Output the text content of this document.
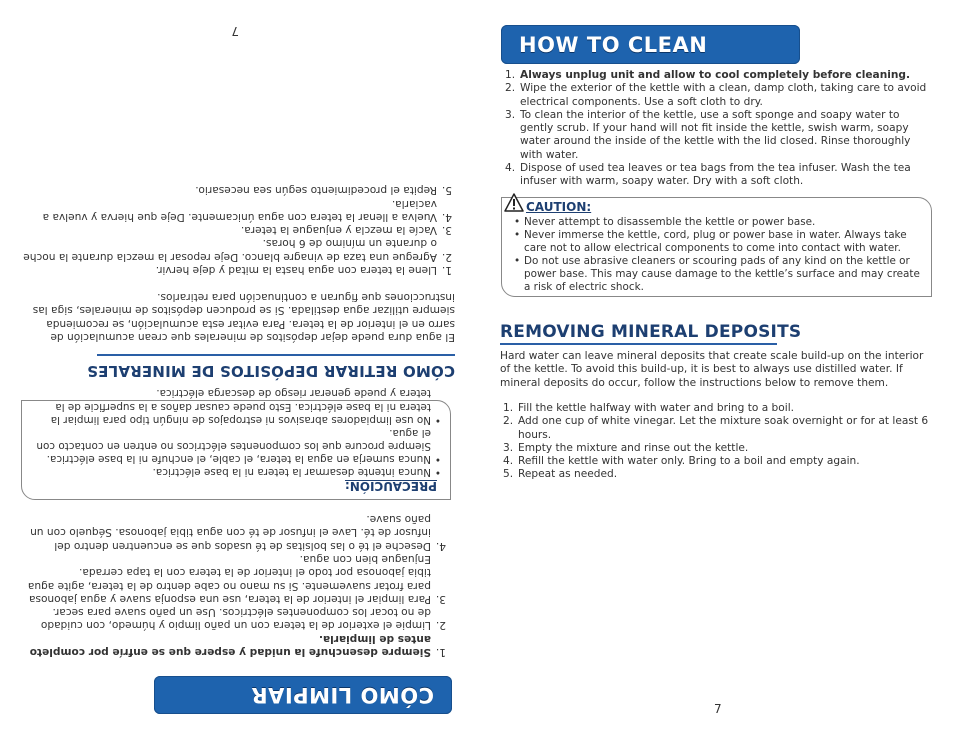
CÓMO LIMPIAR
1.
Siempre desenchufe la unidad y espere que se enfríe por completo antes de limpiarla.
2.
Limpie el exterior de la tetera con un paño limpio y húmedo, con cuidado de no tocar los componentes eléctricos. Use un paño suave para secar.
3.
Para limpiar el interior de la tetera, use una esponja suave y agua jabonosa para frotar suavemente. Si su mano no cabe dentro de la tetera, agite agua tibia jabonosa por todo el interior de la tetera con la tapa cerrada. Enjuague bien con agua.
4.
Deseche el té o las bolsitas de té usados que se encuentren dentro del infusor de té. Lave el infusor de té con agua tibia jabonosa. Séquelo con un paño suave.
PRECAUCIÓN:
• Nunca intente desarmar la tetera ni la base eléctrica.
• Nunca sumerja en agua la tetera, el cable, el enchufe ni la base eléctrica. Siempre procure que los componentes eléctricos no entren en contacto con el agua.
• No use limpiadores abrasivos ni estropajos de ningún tipo para limpiar la tetera ni la base eléctrica. Esto puede causar daños a la superficie de la tetera y puede generar riesgo de descarga eléctrica.
CÓMO RETIRAR DEPÓSITOS DE MINERALES
El agua dura puede dejar depósitos de minerales que crean acumulación de sarro en el interior de la tetera. Para evitar esta acumulación, se recomienda siempre utilizar agua destilada. Si se producen depósitos de minerales, siga las instrucciones que figuran a continuación para retirarlos.
1.
Llene la tetera con agua hasta la mitad y deje hervir.
2.
Agregue una taza de vinagre blanco. Deje reposar la mezcla durante la noche o durante un mínimo de 6 horas.
3.
Vacíe la mezcla y enjuague la tetera.
4.
Vuelva a llenar la tetera con agua únicamente. Deje que hierva y vuelva a vaciarla.
5.
Repita el procedimiento según sea necesario.
7
HOW TO CLEAN
1. Always unplug unit and allow to cool completely before cleaning.
2. Wipe the exterior of the kettle with a clean, damp cloth, taking care to avoid electrical components. Use a soft cloth to dry.
3. To clean the interior of the kettle, use a soft sponge and soapy water to gently scrub. If your hand will not fit inside the kettle, swish warm, soapy water around the inside of the kettle with the lid closed. Rinse thoroughly with water.
4. Dispose of used tea leaves or tea bags from the tea infuser. Wash the tea infuser with warm, soapy water. Dry with a soft cloth.
CAUTION:
• Never attempt to disassemble the kettle or power base.
• Never immerse the kettle, cord, plug or power base in water. Always take care not to allow electrical components to come into contact with water.
• Do not use abrasive cleaners or scouring pads of any kind on the kettle or power base. This may cause damage to the kettle’s surface and may create a risk of electric shock.
REMOVING MINERAL DEPOSITS
Hard water can leave mineral deposits that create scale build-up on the interior of the kettle. To avoid this build-up, it is best to always use distilled water. If mineral deposits do occur, follow the instructions below to remove them.
1. Fill the kettle halfway with water and bring to a boil.
2. Add one cup of white vinegar. Let the mixture soak overnight or for at least 6 hours.
3. Empty the mixture and rinse out the kettle.
4. Refill the kettle with water only. Bring to a boil and empty again.
5. Repeat as needed.
7
